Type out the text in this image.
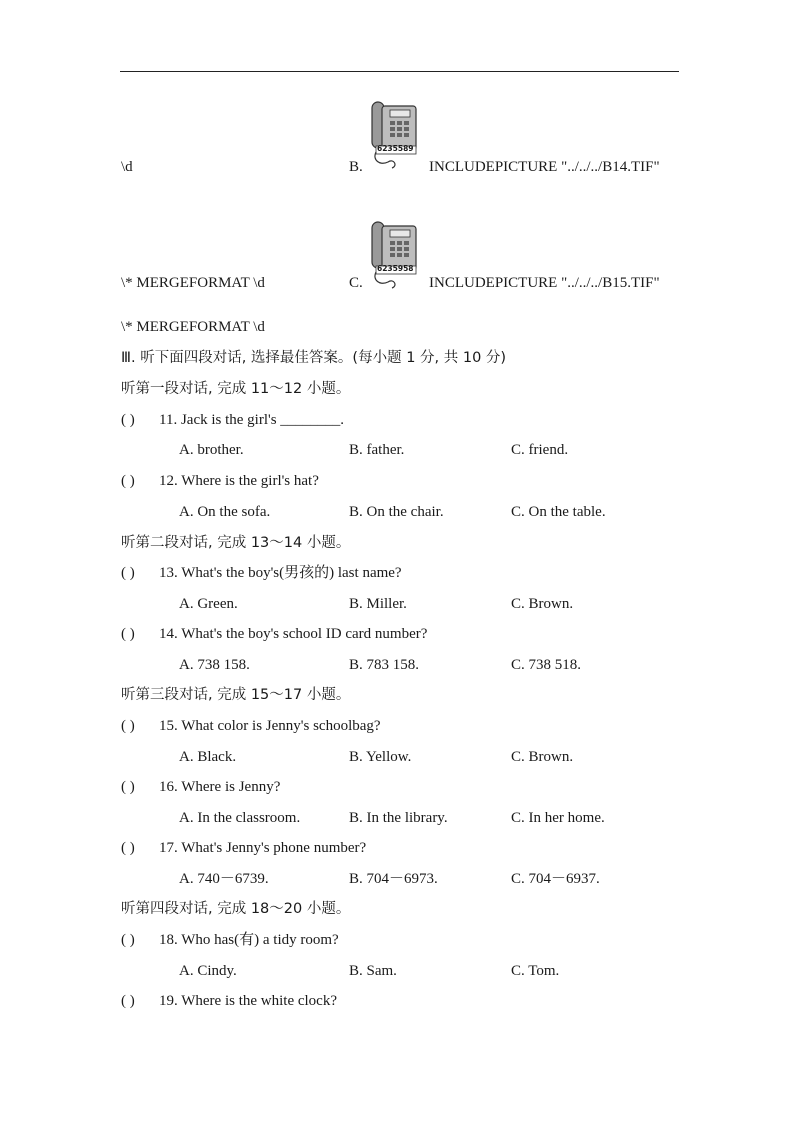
\d	B.
6235589
INCLUDEPICTURE "../../../B14.TIF"
\* MERGEFORMAT \d	C.
6235958
INCLUDEPICTURE "../../../B15.TIF"
\* MERGEFORMAT \d
Ⅲ. 听下面四段对话, 选择最佳答案。(每小题 1 分, 共 10 分)
听第一段对话, 完成 11～12 小题。
( ) 11. Jack is the girl's ________.
A. brother.	B. father.	C. friend.
( ) 12. Where is the girl's hat?
A. On the sofa.	B. On the chair.	C. On the table.
听第二段对话, 完成 13～14 小题。
( ) 13. What's the boy's(男孩的) last name?
A. Green.	B. Miller.	C. Brown.
( ) 14. What's the boy's school ID card number?
A. 738 158.	B. 783 158.	C. 738 518.
听第三段对话, 完成 15～17 小题。
( ) 15. What color is Jenny's schoolbag?
A. Black.	B. Yellow.	C. Brown.
( ) 16. Where is Jenny?
A. In the classroom.	B. In the library.	C. In her home.
( ) 17. What's Jenny's phone number?
A. 740－6739.	B. 704－6973.	C. 704－6937.
听第四段对话, 完成 18～20 小题。
( ) 18. Who has(有) a tidy room?
A. Cindy.	B. Sam.	C. Tom.
( ) 19. Where is the white clock?
